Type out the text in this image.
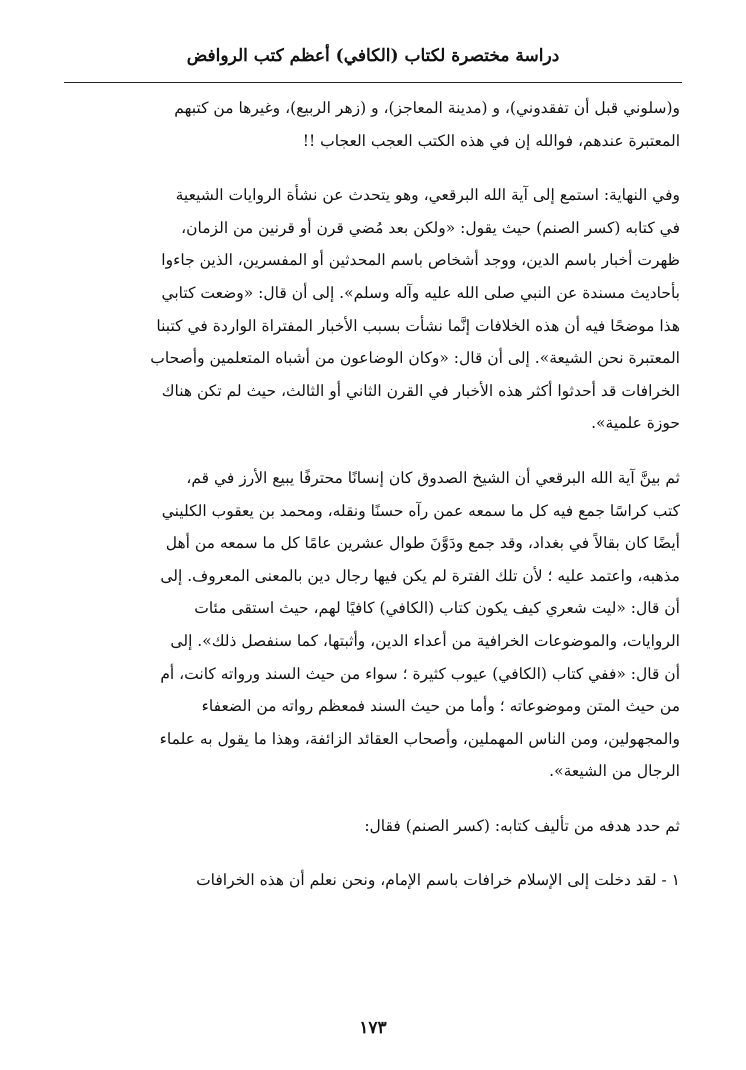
دراسة مختصرة لكتاب (الكافي) أعظم كتب الروافض

و(سلوني قبل أن تفقدوني)، و (مدينة المعاجز)، و (زهر الربيع)، وغيرها من كتبهم
المعتبرة عندهم، فوالله إن في هذه الكتب العجب العجاب !!

وفي النهاية: استمع إلى آية الله البرقعي، وهو يتحدث عن نشأة الروايات الشيعية
في كتابه (كسر الصنم) حيث يقول: «ولكن بعد مُضي قرن أو قرنين من الزمان،
ظهرت أخبار باسم الدين، ووجد أشخاص باسم المحدثين أو المفسرين، الذين جاءوا
بأحاديث مسندة عن النبي صلى الله عليه وآله وسلم». إلى أن قال: «وضعت كتابي
هذا موضحًا فيه أن هذه الخلافات إنَّما نشأت بسبب الأخبار المفتراة الواردة في كتبنا
المعتبرة نحن الشيعة». إلى أن قال: «وكان الوضاعون من أشباه المتعلمين وأصحاب
الخرافات قد أحدثوا أكثر هذه الأخبار في القرن الثاني أو الثالث، حيث لم تكن هناك
حوزة علمية».

ثم بينَّ آية الله البرقعي أن الشيخ الصدوق كان إنسانًا محترفًا يبيع الأرز في قم،
كتب كراسًا جمع فيه كل ما سمعه عمن رآه حسنًا ونقله، ومحمد بن يعقوب الكليني
أيضًا كان بقالاً في بغداد، وقد جمع ودَوَّنَ طوال عشرين عامًا كل ما سمعه من أهل
مذهبه، واعتمد عليه ؛ لأن تلك الفترة لم يكن فيها رجال دين بالمعنى المعروف. إلى
أن قال: «ليت شعري كيف يكون كتاب (الكافي) كافيًا لهم، حيث استقى مئات
الروايات، والموضوعات الخرافية من أعداء الدين، وأثبتها، كما سنفصل ذلك». إلى
أن قال: «ففي كتاب (الكافي) عيوب كثيرة ؛ سواء من حيث السند ورواته كانت، أم
من حيث المتن وموضوعاته ؛ وأما من حيث السند فمعظم رواته من الضعفاء
والمجهولين، ومن الناس المهملين، وأصحاب العقائد الزائفة، وهذا ما يقول به علماء
الرجال من الشيعة».

ثم حدد هدفه من تأليف كتابه: (كسر الصنم) فقال:

١ - لقد دخلت إلى الإسلام خرافات باسم الإمام، ونحن نعلم أن هذه الخرافات

١٧٣
